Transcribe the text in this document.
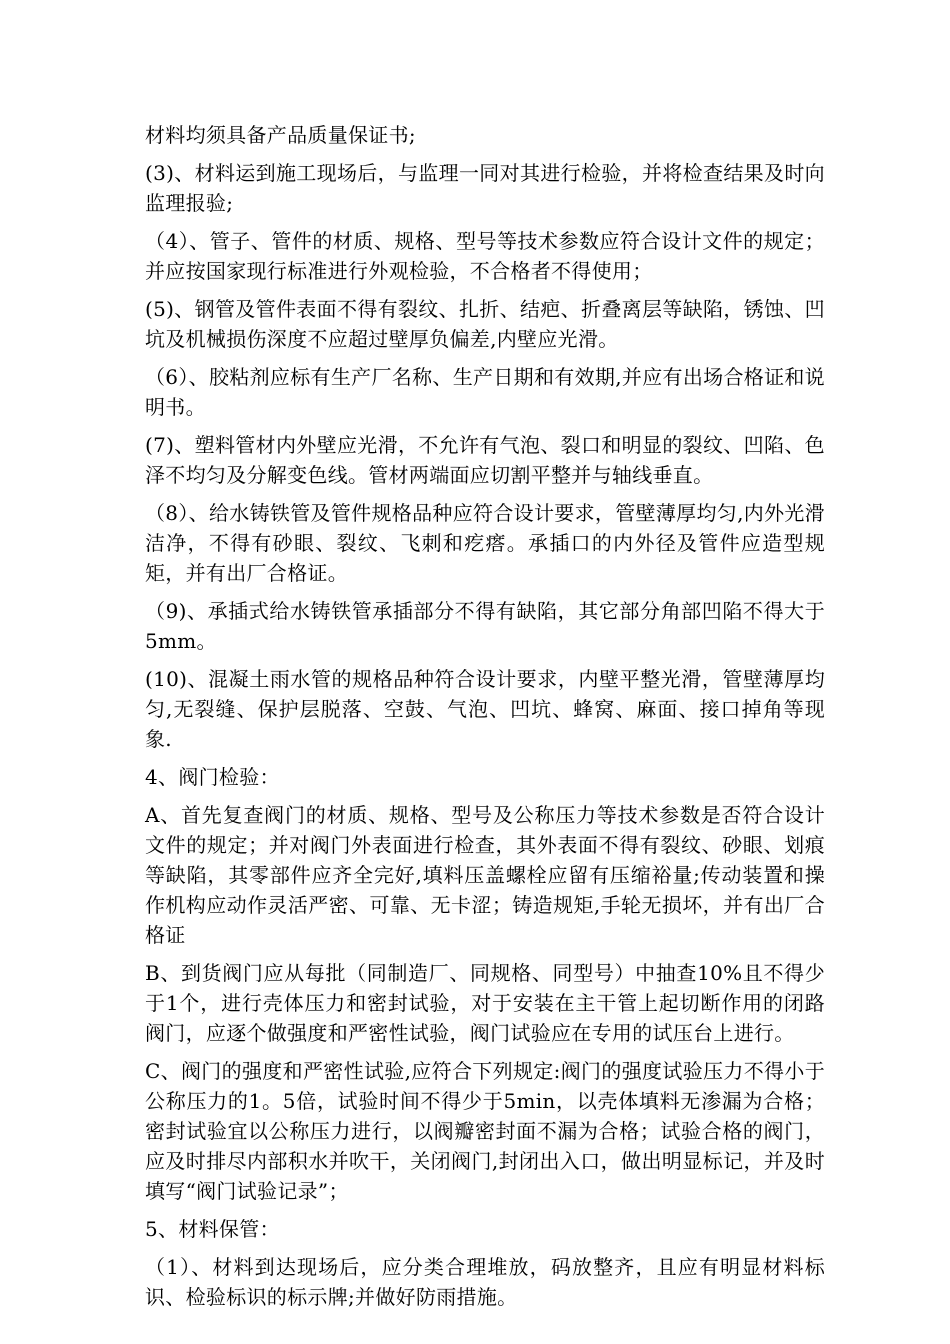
材料均须具备产品质量保证书;

(3)、材料运到施工现场后，与监理一同对其进行检验，并将检查结果及时向监理报验;

（4）、管子、管件的材质、规格、型号等技术参数应符合设计文件的规定；并应按国家现行标准进行外观检验，不合格者不得使用；

(5)、钢管及管件表面不得有裂纹、扎折、结疤、折叠离层等缺陷，锈蚀、凹坑及机械损伤深度不应超过壁厚负偏差,内壁应光滑。

（6）、胶粘剂应标有生产厂名称、生产日期和有效期,并应有出场合格证和说明书。

(7)、塑料管材内外壁应光滑，不允许有气泡、裂口和明显的裂纹、凹陷、色泽不均匀及分解变色线。管材两端面应切割平整并与轴线垂直。

（8）、给水铸铁管及管件规格品种应符合设计要求，管壁薄厚均匀,内外光滑洁净，不得有砂眼、裂纹、飞刺和疙瘩。承插口的内外径及管件应造型规矩，并有出厂合格证。

（9)、承插式给水铸铁管承插部分不得有缺陷，其它部分角部凹陷不得大于5mm。

(10)、混凝土雨水管的规格品种符合设计要求，内壁平整光滑，管壁薄厚均匀,无裂缝、保护层脱落、空鼓、气泡、凹坑、蜂窝、麻面、接口掉角等现象.

4、阀门检验：

A、首先复查阀门的材质、规格、型号及公称压力等技术参数是否符合设计文件的规定；并对阀门外表面进行检查，其外表面不得有裂纹、砂眼、划痕等缺陷，其零部件应齐全完好,填料压盖螺栓应留有压缩裕量;传动装置和操作机构应动作灵活严密、可靠、无卡涩；铸造规矩,手轮无损坏，并有出厂合格证

B、到货阀门应从每批（同制造厂、同规格、同型号）中抽查10%且不得少于1个，进行壳体压力和密封试验，对于安装在主干管上起切断作用的闭路阀门，应逐个做强度和严密性试验，阀门试验应在专用的试压台上进行。

C、阀门的强度和严密性试验,应符合下列规定:阀门的强度试验压力不得小于公称压力的1。5倍，试验时间不得少于5min，以壳体填料无渗漏为合格；密封试验宜以公称压力进行，以阀瓣密封面不漏为合格；试验合格的阀门，应及时排尽内部积水并吹干，关闭阀门,封闭出入口，做出明显标记，并及时填写“阀门试验记录”；

5、材料保管：

（1）、材料到达现场后，应分类合理堆放，码放整齐，且应有明显材料标识、检验标识的标示牌;并做好防雨措施。
